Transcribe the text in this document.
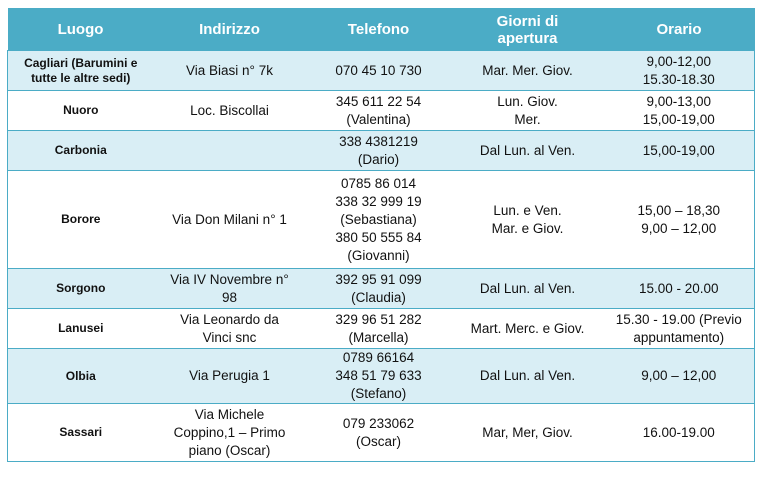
Luogo	Indirizzo	Telefono	Giorni di
apertura	Orario

Cagliari (Barumini e
tutte le altre sedi)	Via Biasi n° 7k	070 45 10 730	Mar. Mer. Giov.	9,00-12,00
15.30-18.30

Nuoro	Loc. Biscollai	345 611 22 54
(Valentina)	Lun. Giov.
Mer.	9,00-13,00
15,00-19,00

Carbonia		338 4381219
(Dario)	Dal Lun. al Ven.	15,00-19,00

Borore	Via Don Milani n° 1	0785 86 014
338 32 999 19
(Sebastiana)
380 50 555 84
(Giovanni)	Lun. e Ven.
Mar. e Giov.	15,00 – 18,30
9,00 – 12,00

Sorgono	Via IV Novembre n°
98	392 95 91 099
(Claudia)	Dal Lun. al Ven.	15.00 - 20.00

Lanusei	Via Leonardo da
Vinci snc	329 96 51 282
(Marcella)	Mart. Merc. e Giov.	15.30 - 19.00 (Previo
appuntamento)

Olbia	Via Perugia 1	0789 66164
348 51 79 633
(Stefano)	Dal Lun. al Ven.	9,00 – 12,00

Sassari	Via Michele
Coppino,1 – Primo
piano (Oscar)	079 233062
(Oscar)	Mar, Mer, Giov.	16.00-19.00
